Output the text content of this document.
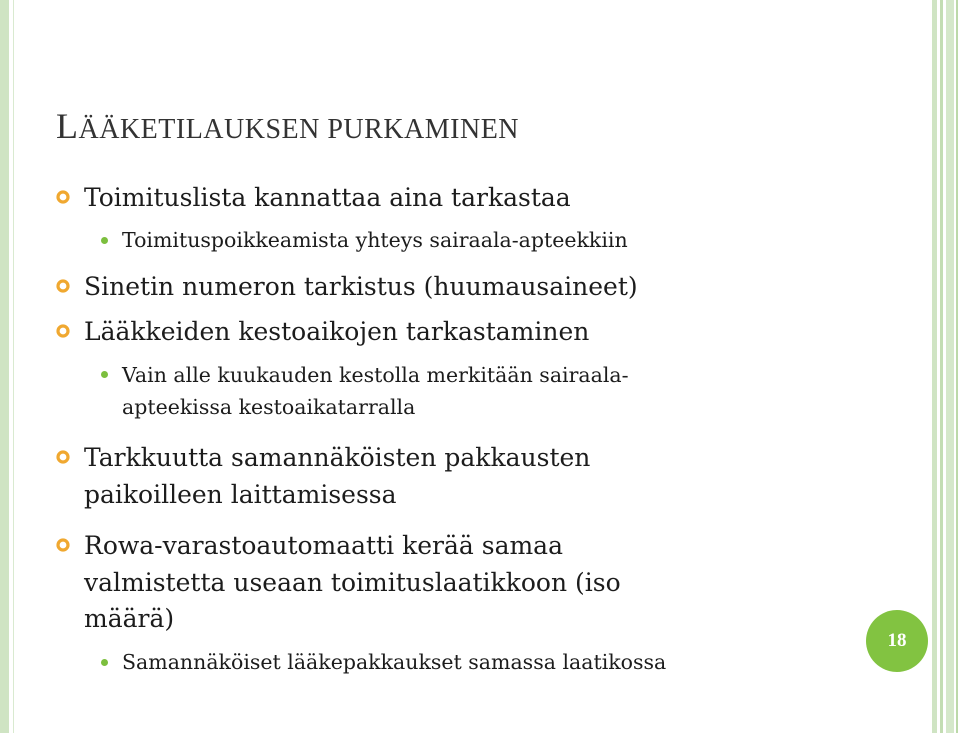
LÄÄKETILAUKSEN PURKAMINEN
Toimituslista kannattaa aina tarkastaa
Toimituspoikkeamista yhteys sairaala-apteekkiin
Sinetin numeron tarkistus (huumausaineet)
Lääkkeiden kestoaikojen tarkastaminen
Vain alle kuukauden kestolla merkitään sairaala-
apteekissa kestoaikatarralla
Tarkkuutta samannäköisten pakkausten
paikoilleen laittamisessa
Rowa-varastoautomaatti kerää samaa
valmistetta useaan toimituslaatikkoon (iso
määrä)
Samannäköiset lääkepakkaukset samassa laatikossa
18
